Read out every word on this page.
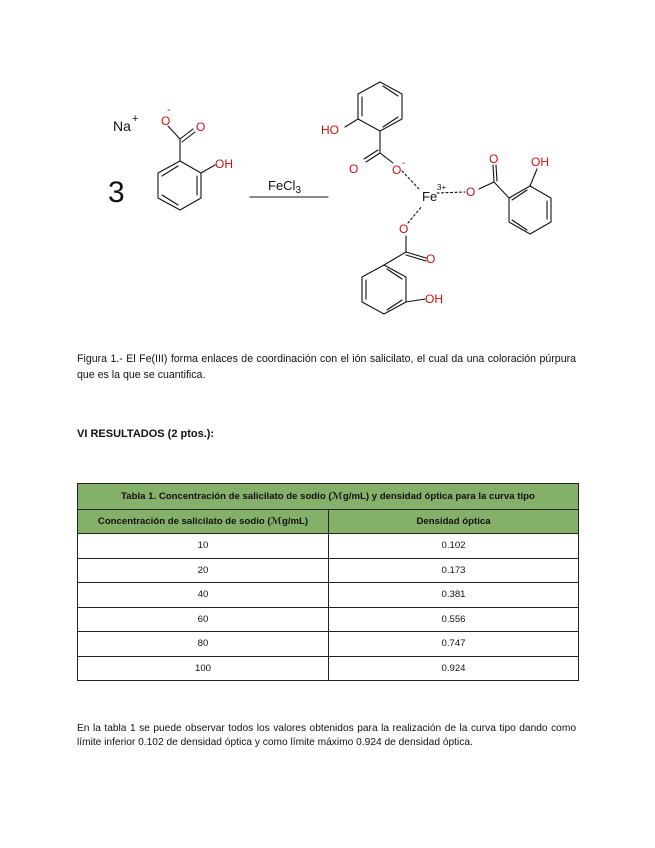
Na +
3
O
-
O
OH
FeCl$_3$
HO
O	O -
Fe
3+ O
O	OH
O
O
OH
Figura 1.- El Fe(III) forma enlaces de coordinación con el ión salicilato, el cual da una coloración púrpura que es la que se cuantifica.
VI RESULTADOS (2 ptos.):
Tabla 1. Concentración de salicilato de sodio (ℳg/mL) y densidad óptica para la curva tipo	
Concentración de salicilato de sodio (ℳg/mL)	Densidad óptica
10	0.102
20	0.173
40	0.381
60	0.556
80	0.747
100	0.924
En la tabla 1 se puede observar todos los valores obtenidos para la realización de la curva tipo dando como límite inferior 0.102 de densidad óptica y como límite máximo 0.924 de densidad óptica.
